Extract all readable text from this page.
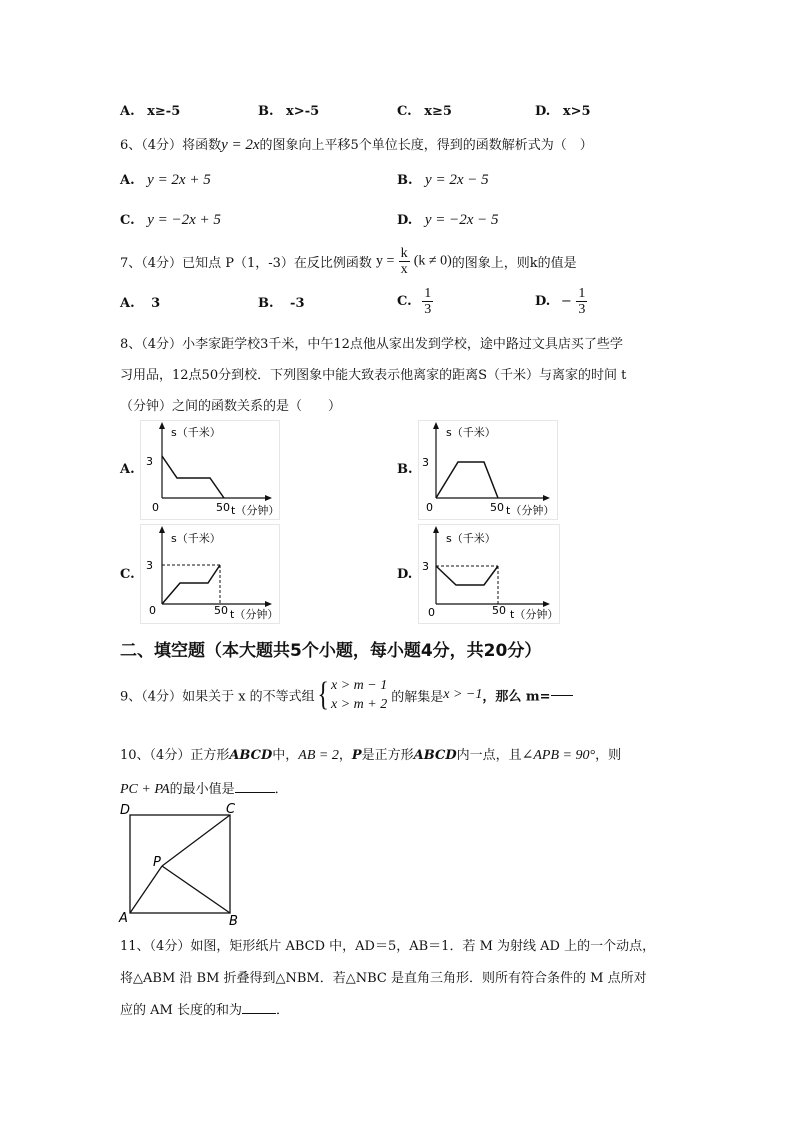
A. x≥-5	B. x>-5	C. x≥5	D. x>5
6、（4分）将函数y = 2x的图象向上平移5个单位长度，得到的函数解析式为（　）
A. y = 2x + 5	B. y = 2x − 5
C. y = −2x + 5	D. y = −2x − 5
7、（4分）已知点 P（1，-3）在反比例函数 $y = \frac{k}{x} (k \ne 0)$的图象上，则k的值是
A. 3	B. -3	C. $\frac{1}{3}$	D. − $\frac{1}{3}$
8、（4分）小李家距学校3千米，中午12点他从家出发到学校，途中路过文具店买了些学
习用品，12点50分到校．下列图象中能大致表示他离家的距离S（千米）与离家的时间 t
（分钟）之间的函数关系的是（　　）
A.
s（千米）
3
0	50 t（分钟）
B.
s（千米）
3
0	50 t（分钟）
C.
s（千米）
3
0	50 t（分钟）
D.
s（千米）
3
0	50 t（分钟）
二、填空题（本大题共5个小题，每小题4分，共20分）
9、（4分）如果关于 x 的不等式组{ x > m − 1
x > m + 2 的解集是x > −1，那么 m=
10、（4分）正方形ABCD中，AB = 2，P是正方形ABCD内一点，且∠APB = 90°，则
PC + PA的最小值是	．
D	C
P
A	B
11、（4分）如图，矩形纸片 ABCD 中，AD＝5，AB＝1．若 M 为射线 AD 上的一个动点，
将△ABM 沿 BM 折叠得到△NBM．若△NBC 是直角三角形．则所有符合条件的 M 点所对
应的 AM 长度的和为	．
